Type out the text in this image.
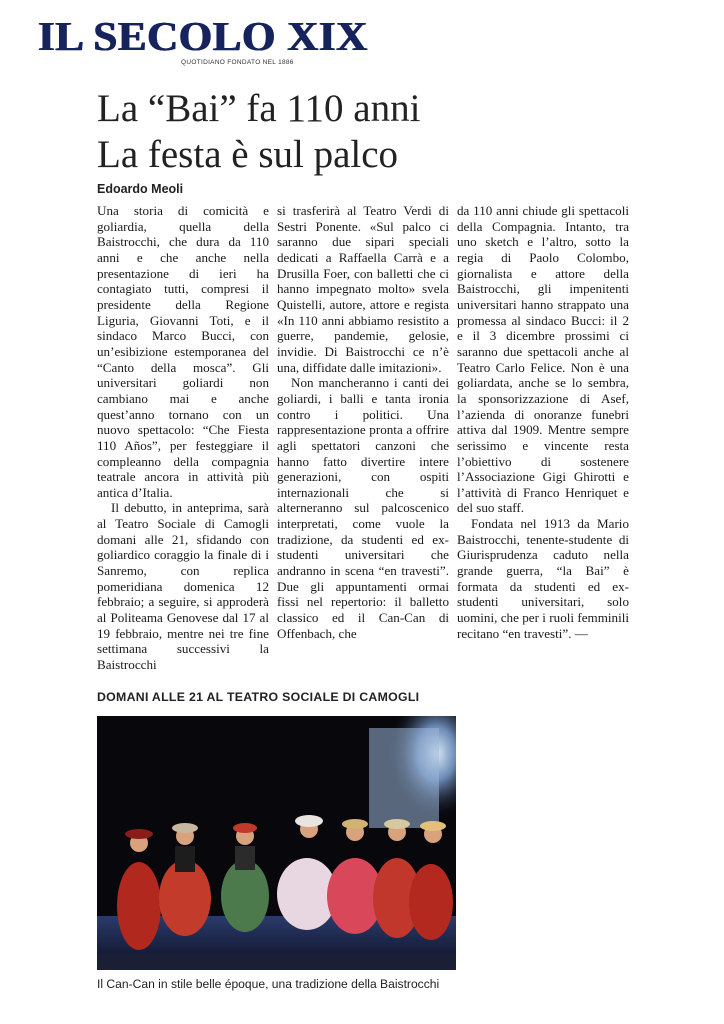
IL SECOLO XIX
QUOTIDIANO FONDATO NEL 1886
La “Bai” fa 110 anni
La festa è sul palco
Edoardo Meoli

Una storia di comicità e goliardia, quella della Baistrocchi, che dura da 110 anni e che anche nella presentazione di ieri ha contagiato tutti, compresi il presidente della Regione Liguria, Giovanni Toti, e il sindaco Marco Bucci, con un’esibizione estemporanea del “Canto della mosca”. Gli universitari goliardi non cambiano mai e anche quest’anno tornano con un nuovo spettacolo: “Che Fiesta 110 Años”, per festeggiare il compleanno della compagnia teatrale ancora in attività più antica d’Italia.

Il debutto, in anteprima, sarà al Teatro Sociale di Camogli domani alle 21, sfidando con goliardico coraggio la finale di i Sanremo, con replica pomeridiana domenica 12 febbraio; a seguire, si approderà al Politeama Genovese dal 17 al 19 febbraio, mentre nei tre fine settimana successivi la Baistrocchi

si trasferirà al Teatro Verdi di Sestri Ponente. «Sul palco ci saranno due sipari speciali dedicati a Raffaella Carrà e a Drusilla Foer, con balletti che ci hanno impegnato molto» svela Quistelli, autore, attore e regista «In 110 anni abbiamo resistito a guerre, pandemie, gelosie, invidie. Di Baistrocchi ce n’è una, diffidate dalle imitazioni».

Non mancheranno i canti dei goliardi, i balli e tanta ironia contro i politici. Una rappresentazione pronta a offrire agli spettatori canzoni che hanno fatto divertire intere generazioni, con ospiti internazionali che si alterneranno sul palcoscenico interpretati, come vuole la tradizione, da studenti ed ex-studenti universitari che andranno in scena “en travesti”. Due gli appuntamenti ormai fissi nel repertorio: il balletto classico ed il Can-Can di Offenbach, che

da 110 anni chiude gli spettacoli della Compagnia. Intanto, tra uno sketch e l’altro, sotto la regia di Paolo Colombo, giornalista e attore della Baistrocchi, gli impenitenti universitari hanno strappato una promessa al sindaco Bucci: il 2 e il 3 dicembre prossimi ci saranno due spettacoli anche al Teatro Carlo Felice. Non è una goliardata, anche se lo sembra, la sponsorizzazione di Asef, l’azienda di onoranze funebri attiva dal 1909. Mentre sempre serissimo e vincente resta l’obiettivo di sostenere l’Associazione Gigi Ghirotti e l’attività di Franco Henriquet e del suo staff.

Fondata nel 1913 da Mario Baistrocchi, tenente-studente di Giurisprudenza caduto nella grande guerra, “la Bai” è formata da studenti ed ex-studenti universitari, solo uomini, che per i ruoli femminili recitano “en travesti”. —

DOMANI ALLE 21 AL TEATRO SOCIALE DI CAMOGLI
Il Can-Can in stile belle époque, una tradizione della Baistrocchi
